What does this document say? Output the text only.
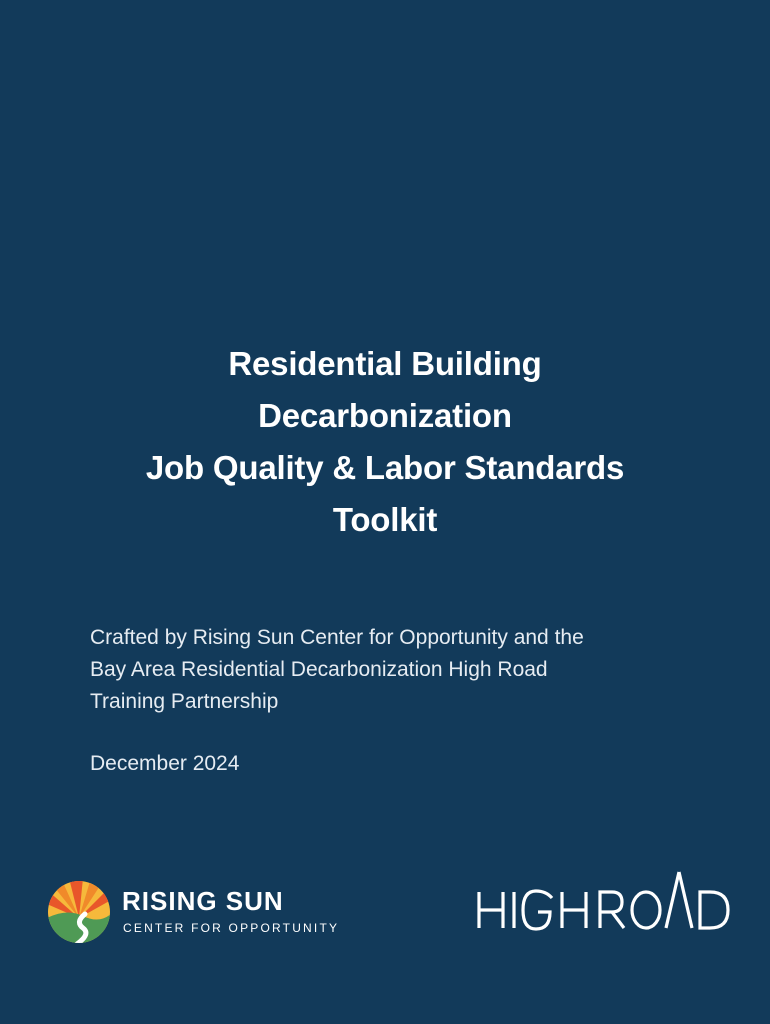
Residential Building
Decarbonization
Job Quality & Labor Standards
Toolkit
Crafted by Rising Sun Center for Opportunity and the
Bay Area Residential Decarbonization High Road
Training Partnership
December 2024
RISING SUN
CENTER FOR OPPORTUNITY
